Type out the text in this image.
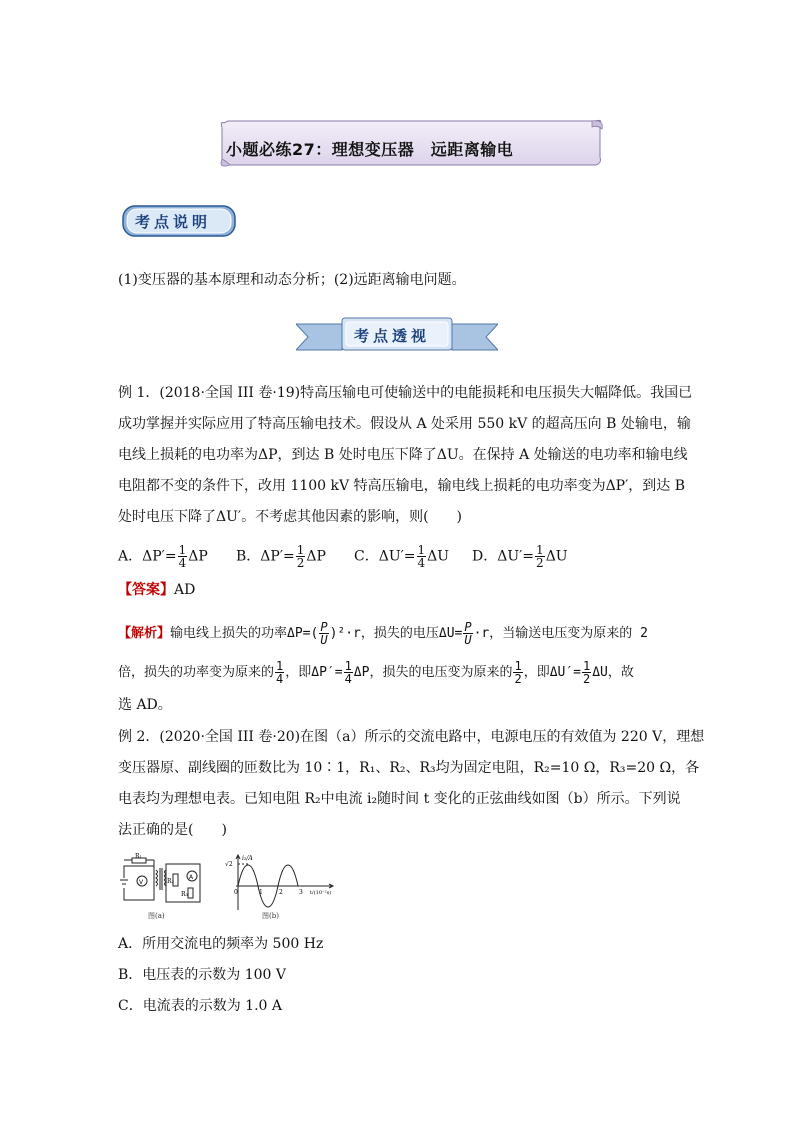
小题必练27：理想变压器　远距离输电
考点说明
(1)变压器的基本原理和动态分析；(2)远距离输电问题。
考点透视
例 1．(2018·全国 III 卷·19)特高压输电可使输送中的电能损耗和电压损失大幅降低。我国已
成功掌握并实际应用了特高压输电技术。假设从 A 处采用 550 kV 的超高压向 B 处输电，输
电线上损耗的电功率为ΔP，到达 B 处时电压下降了ΔU。在保持 A 处输送的电功率和输电线
电阻都不变的条件下，改用 1100 kV 特高压输电，输电线上损耗的电功率变为ΔP′，到达 B
处时电压下降了ΔU′。不考虑其他因素的影响，则(　　)
A．$\Delta P'= \frac{1}{4}$ ΔP B．$\Delta P'= \frac{1}{2}$ ΔP C．$\Delta U'= \frac{1}{4}$ ΔU D．$\Delta U'= \frac{1}{2}$ ΔU
【答案】AD
【解析】输电线上损失的功率$\Delta P=( \frac{P}{U} )^2\cdot r$，损失的电压$\Delta U= \frac{P}{U} \cdot r$，当输送电压变为原来的 2
倍，损失的功率变为原来的 $\frac{1}{4}$ ，即$\Delta P'= \frac{1}{4}$ ΔP，损失的电压变为原来的 $\frac{1}{2}$ ，即$\Delta U'= \frac{1}{2}$ ΔU，故
选 AD。
例 2．(2020·全国 III 卷·20)在图（a）所示的交流电路中，电源电压的有效值为 220 V，理想
变压器原、副线圈的匝数比为 10∶1，R₁、R₂、R₃均为固定电阻，R₂=10 Ω，R₃=20 Ω，各
电表均为理想电表。已知电阻 R₂中电流 i₂随时间 t 变化的正弦曲线如图（b）所示。下列说
法正确的是(　　)
R₁
V	R₂
A
R₃
图(a)
i₂/A
√2
0	1	2	3 t/(10⁻²s)
图(b)
A．所用交流电的频率为 500 Hz
B．电压表的示数为 100 V
C．电流表的示数为 1.0 A
